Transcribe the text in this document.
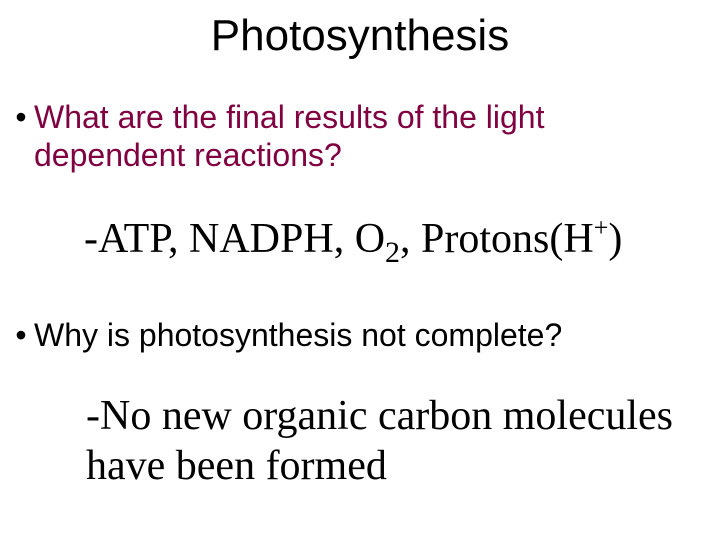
Photosynthesis
• What are the final results of the light dependent reactions?
-ATP, NADPH, $O_2$, Protons(H+)
• Why is photosynthesis not complete?
-No new organic carbon molecules have been formed
